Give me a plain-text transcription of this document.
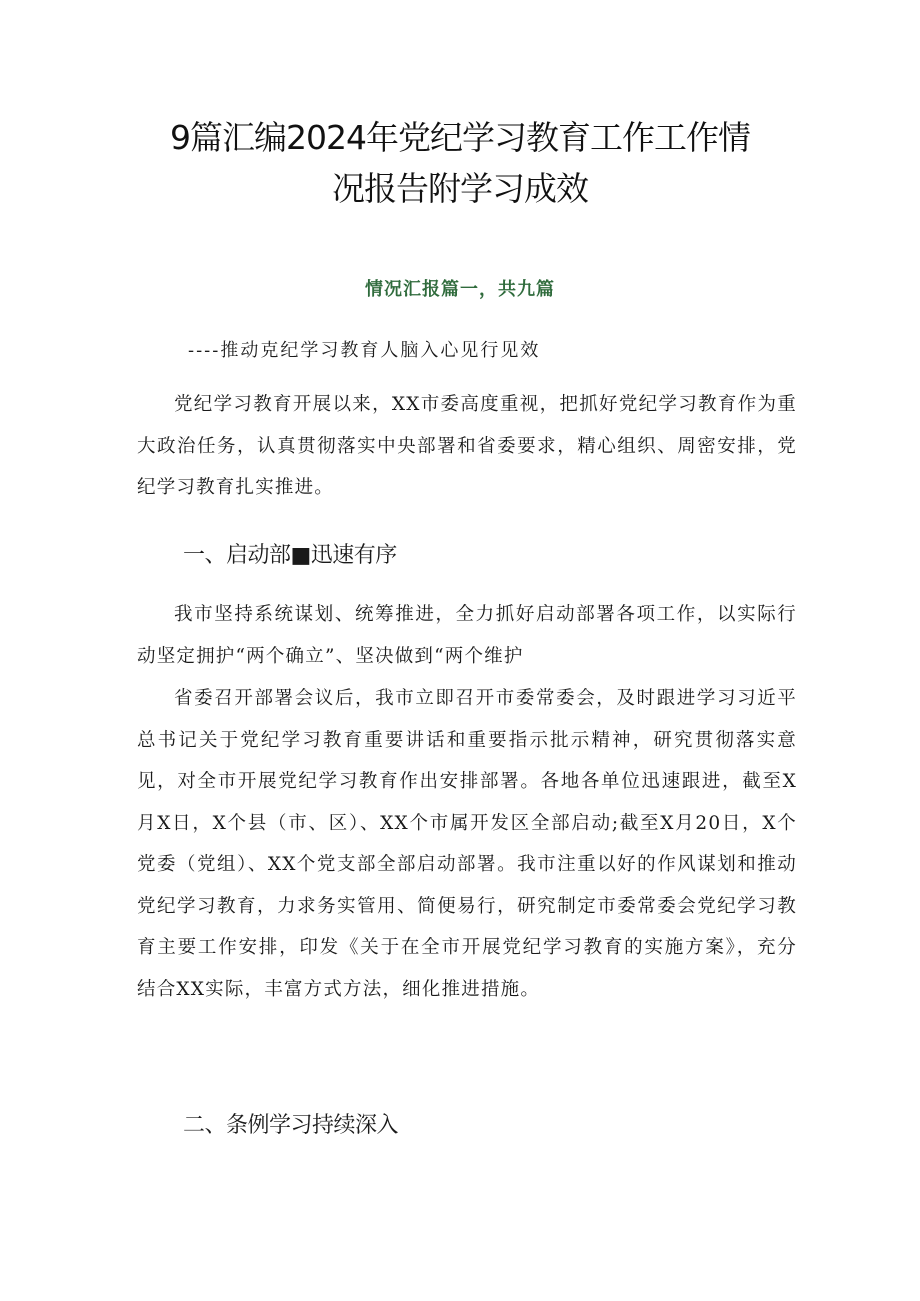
9篇汇编2024年党纪学习教育工作工作情
况报告附学习成效

情况汇报篇一，共九篇

----推动克纪学习教育人脑入心见行见效

党纪学习教育开展以来，XX市委高度重视，把抓好党纪学习教育作为重大政治任务，认真贯彻落实中央部署和省委要求，精心组织、周密安排，党纪学习教育扎实推进。

一、启动部■迅速有序

我市坚持系统谋划、统筹推进，全力抓好启动部署各项工作，以实际行动坚定拥护“两个确立”、坚决做到“两个维护

省委召开部署会议后，我市立即召开市委常委会，及时跟进学习习近平总书记关于党纪学习教育重要讲话和重要指示批示精神，研究贯彻落实意见，对全市开展党纪学习教育作出安排部署。各地各单位迅速跟进，截至X月X日，X个县（市、区）、XX个市属开发区全部启动;截至X月20日，X个党委（党组）、XX个党支部全部启动部署。我市注重以好的作风谋划和推动党纪学习教育，力求务实管用、简便易行，研究制定市委常委会党纪学习教育主要工作安排，印发《关于在全市开展党纪学习教育的实施方案》，充分结合XX实际，丰富方式方法，细化推进措施。

二、条例学习持续深入
